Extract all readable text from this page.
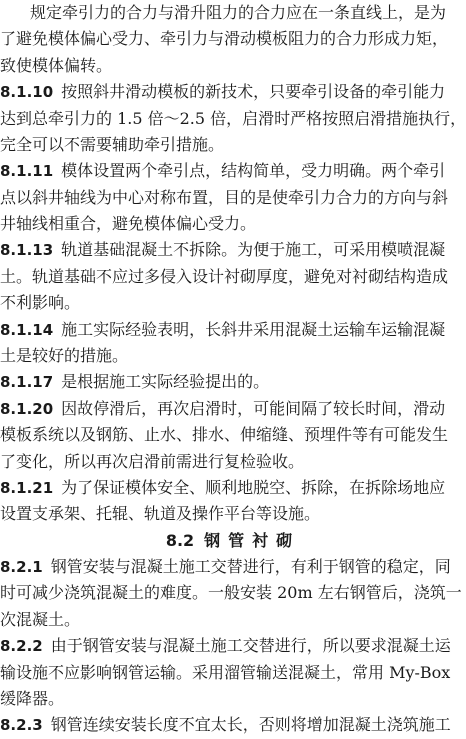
规定牵引力的合力与滑升阻力的合力应在一条直线上，是为
了避免模体偏心受力、牵引力与滑动模板阻力的合力形成力矩，
致使模体偏转。
8.1.10  按照斜井滑动模板的新技术，只要牵引设备的牵引能力
达到总牵引力的 1.5 倍～2.5 倍，启滑时严格按照启滑措施执行，
完全可以不需要辅助牵引措施。
8.1.11  模体设置两个牵引点，结构简单，受力明确。两个牵引
点以斜井轴线为中心对称布置，目的是使牵引力合力的方向与斜
井轴线相重合，避免模体偏心受力。
8.1.13  轨道基础混凝土不拆除。为便于施工，可采用模喷混凝
土。轨道基础不应过多侵入设计衬砌厚度，避免对衬砌结构造成
不利影响。
8.1.14  施工实际经验表明，长斜井采用混凝土运输车运输混凝
土是较好的措施。
8.1.17  是根据施工实际经验提出的。
8.1.20  因故停滑后，再次启滑时，可能间隔了较长时间，滑动
模板系统以及钢筋、止水、排水、伸缩缝、预埋件等有可能发生
了变化，所以再次启滑前需进行复检验收。
8.1.21  为了保证模体安全、顺利地脱空、拆除，在拆除场地应
设置支承架、托辊、轨道及操作平台等设施。
8.2 钢管衬砌
8.2.1  钢管安装与混凝土施工交替进行，有利于钢管的稳定，同
时可减少浇筑混凝土的难度。一般安装 20m 左右钢管后，浇筑一
次混凝土。
8.2.2  由于钢管安装与混凝土施工交替进行，所以要求混凝土运
输设施不应影响钢管运输。采用溜管输送混凝土，常用 My-Box
缓降器。
8.2.3  钢管连续安装长度不宜太长，否则将增加混凝土浇筑施工
